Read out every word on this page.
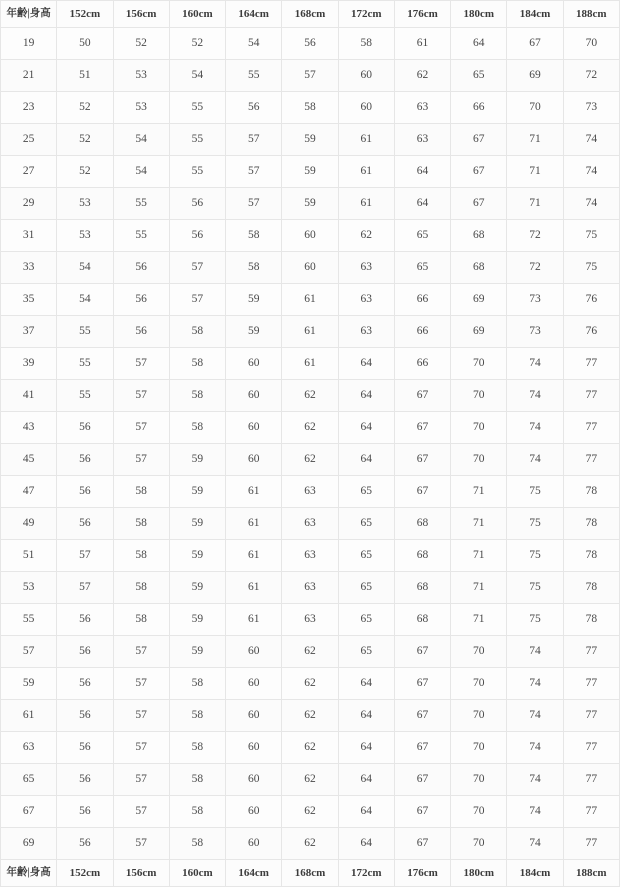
年齢|身高	152cm	156cm	160cm	164cm	168cm	172cm	176cm	180cm	184cm	188cm
19	50	52	52	54	56	58	61	64	67	70
21	51	53	54	55	57	60	62	65	69	72
23	52	53	55	56	58	60	63	66	70	73
25	52	54	55	57	59	61	63	67	71	74
27	52	54	55	57	59	61	64	67	71	74
29	53	55	56	57	59	61	64	67	71	74
31	53	55	56	58	60	62	65	68	72	75
33	54	56	57	58	60	63	65	68	72	75
35	54	56	57	59	61	63	66	69	73	76
37	55	56	58	59	61	63	66	69	73	76
39	55	57	58	60	61	64	66	70	74	77
41	55	57	58	60	62	64	67	70	74	77
43	56	57	58	60	62	64	67	70	74	77
45	56	57	59	60	62	64	67	70	74	77
47	56	58	59	61	63	65	67	71	75	78
49	56	58	59	61	63	65	68	71	75	78
51	57	58	59	61	63	65	68	71	75	78
53	57	58	59	61	63	65	68	71	75	78
55	56	58	59	61	63	65	68	71	75	78
57	56	57	59	60	62	65	67	70	74	77
59	56	57	58	60	62	64	67	70	74	77
61	56	57	58	60	62	64	67	70	74	77
63	56	57	58	60	62	64	67	70	74	77
65	56	57	58	60	62	64	67	70	74	77
67	56	57	58	60	62	64	67	70	74	77
69	56	57	58	60	62	64	67	70	74	77
年齢|身高	152cm	156cm	160cm	164cm	168cm	172cm	176cm	180cm	184cm	188cm
